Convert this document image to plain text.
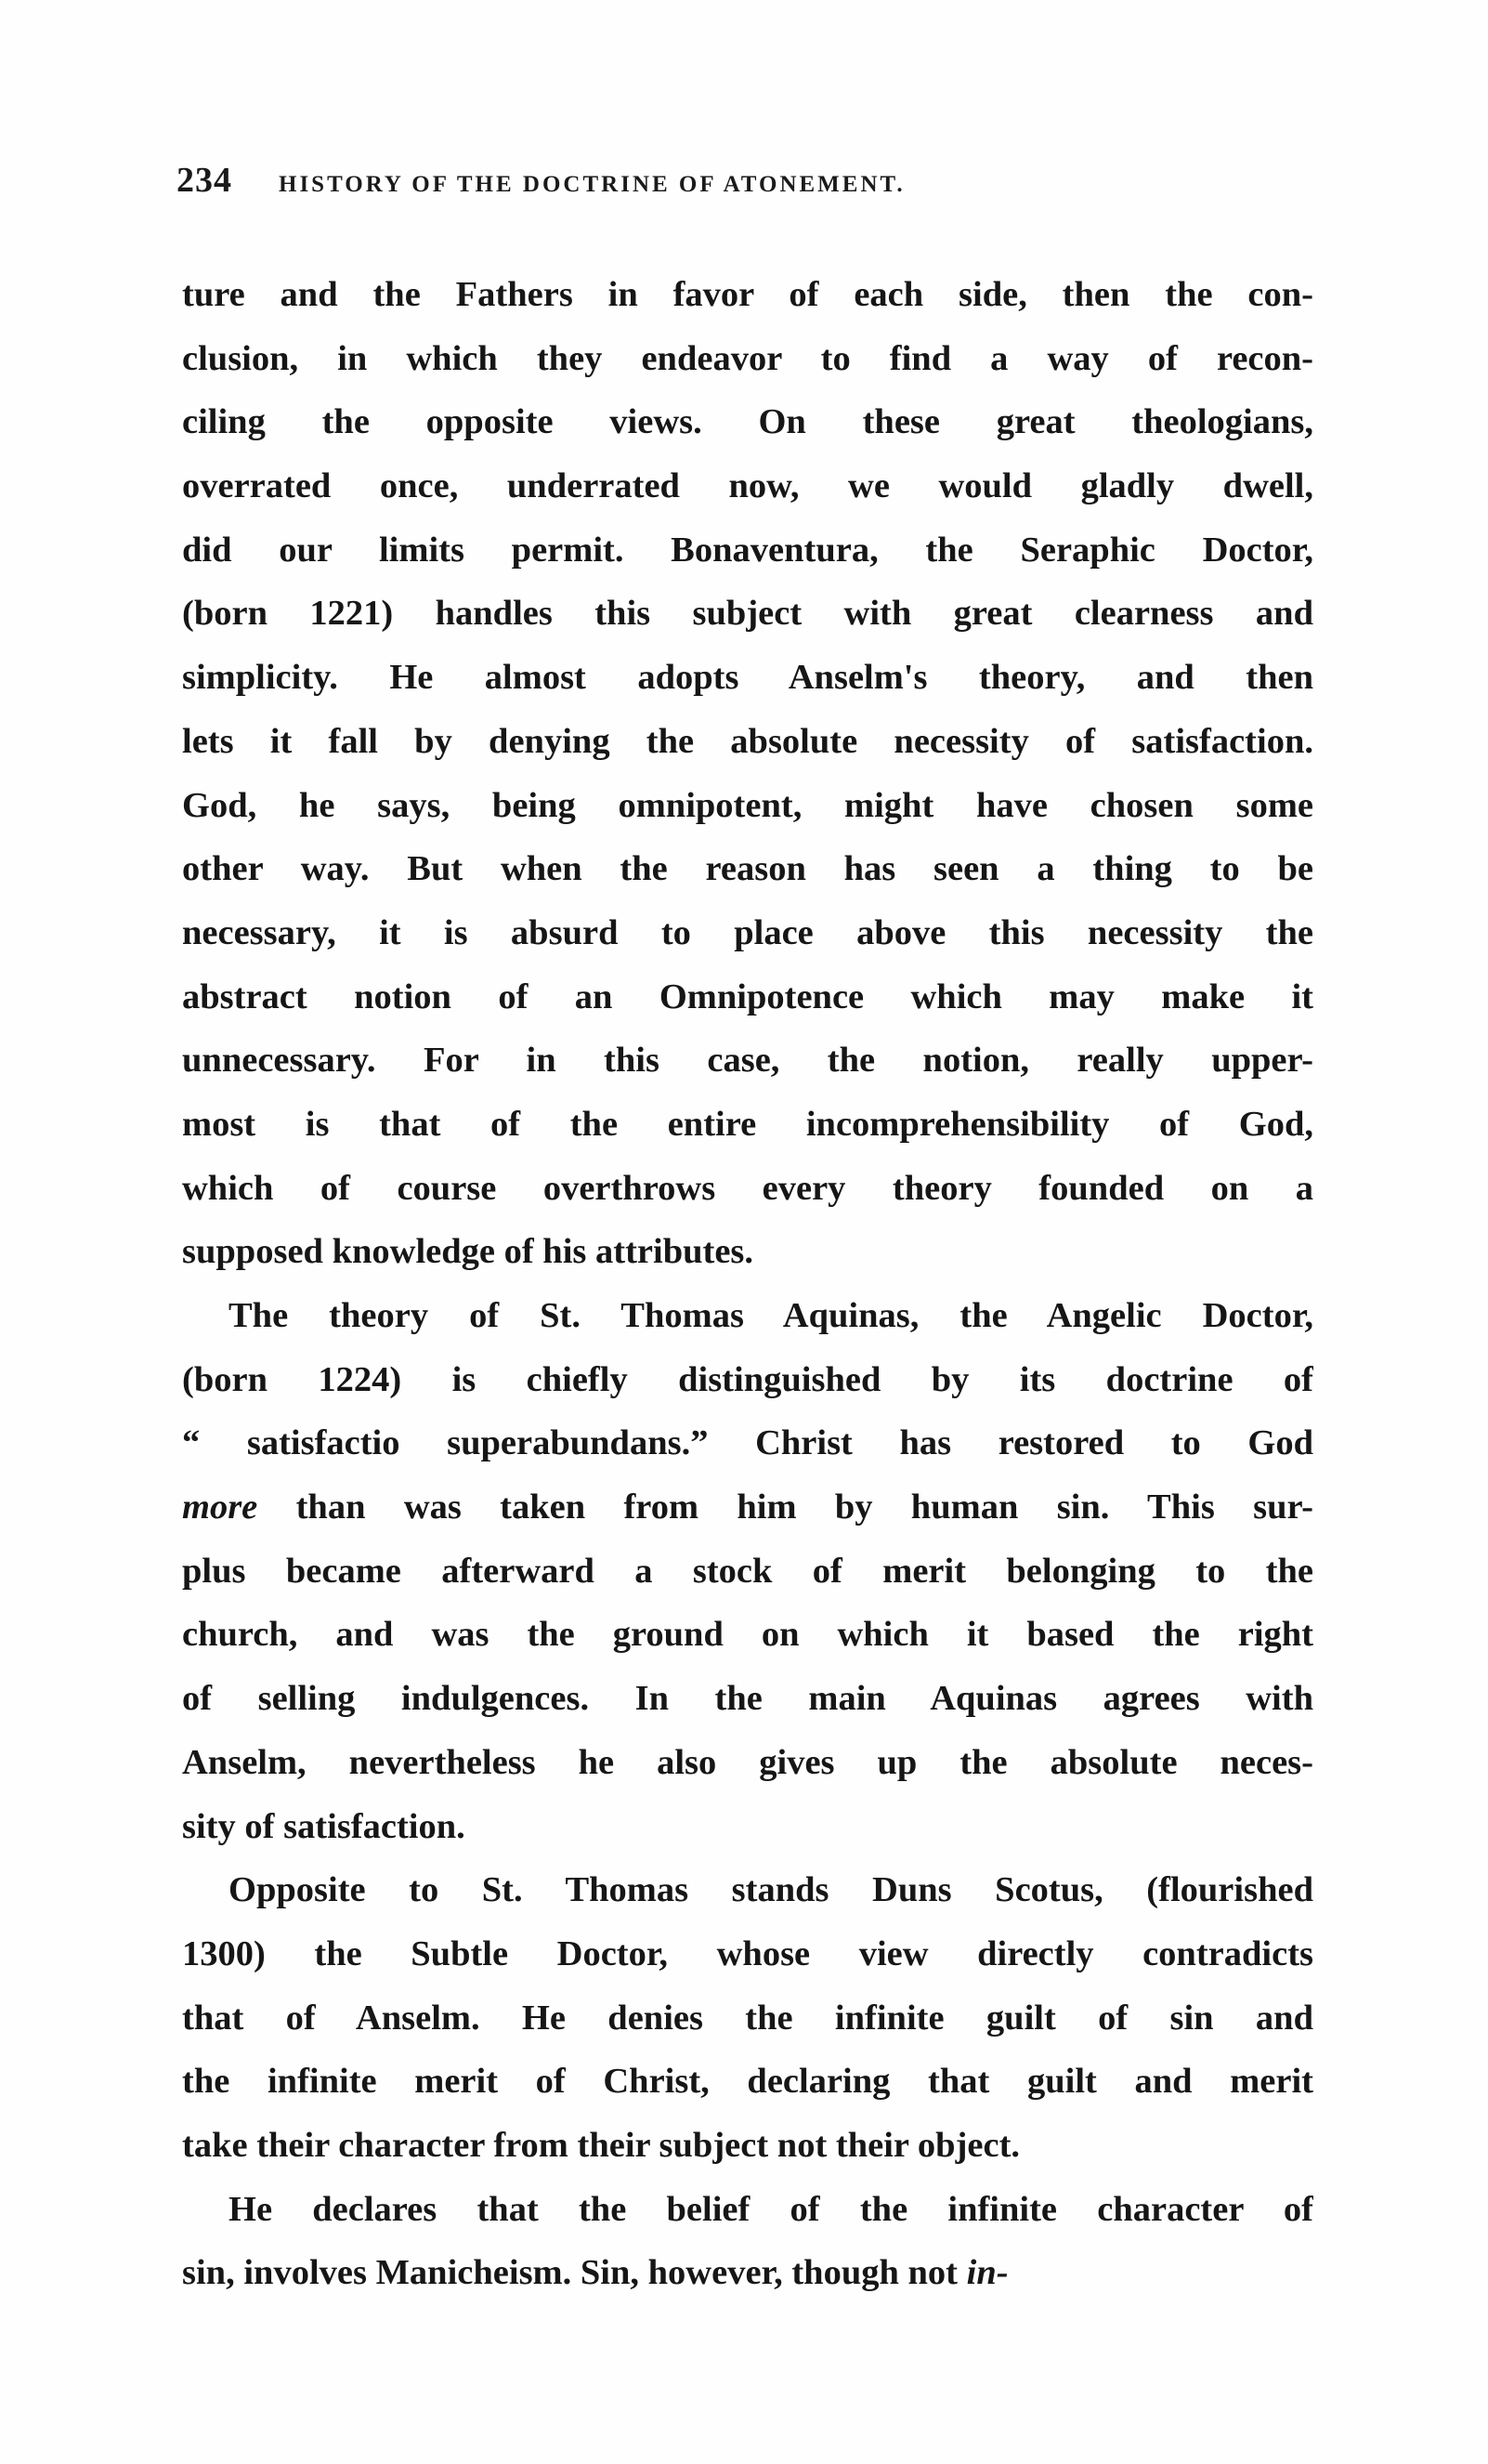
234 HISTORY OF THE DOCTRINE OF ATONEMENT.
ture and the Fathers in favor of each side, then the con-
clusion, in which they endeavor to find a way of recon-
ciling the opposite views. On these great theologians,
overrated once, underrated now, we would gladly dwell,
did our limits permit. Bonaventura, the Seraphic Doctor,
(born 1221) handles this subject with great clearness and
simplicity. He almost adopts Anselm's theory, and then
lets it fall by denying the absolute necessity of satisfaction.
God, he says, being omnipotent, might have chosen some
other way. But when the reason has seen a thing to be
necessary, it is absurd to place above this necessity the
abstract notion of an Omnipotence which may make it
unnecessary. For in this case, the notion, really upper-
most is that of the entire incomprehensibility of God,
which of course overthrows every theory founded on a
supposed knowledge of his attributes.
The theory of St. Thomas Aquinas, the Angelic Doctor,
(born 1224) is chiefly distinguished by its doctrine of
“ satisfactio superabundans.” Christ has restored to God
more than was taken from him by human sin. This sur-
plus became afterward a stock of merit belonging to the
church, and was the ground on which it based the right
of selling indulgences. In the main Aquinas agrees with
Anselm, nevertheless he also gives up the absolute neces-
sity of satisfaction.
Opposite to St. Thomas stands Duns Scotus, (flourished
1300) the Subtle Doctor, whose view directly contradicts
that of Anselm. He denies the infinite guilt of sin and
the infinite merit of Christ, declaring that guilt and merit
take their character from their subject not their object.
He declares that the belief of the infinite character of
sin, involves Manicheism. Sin, however, though not in-
